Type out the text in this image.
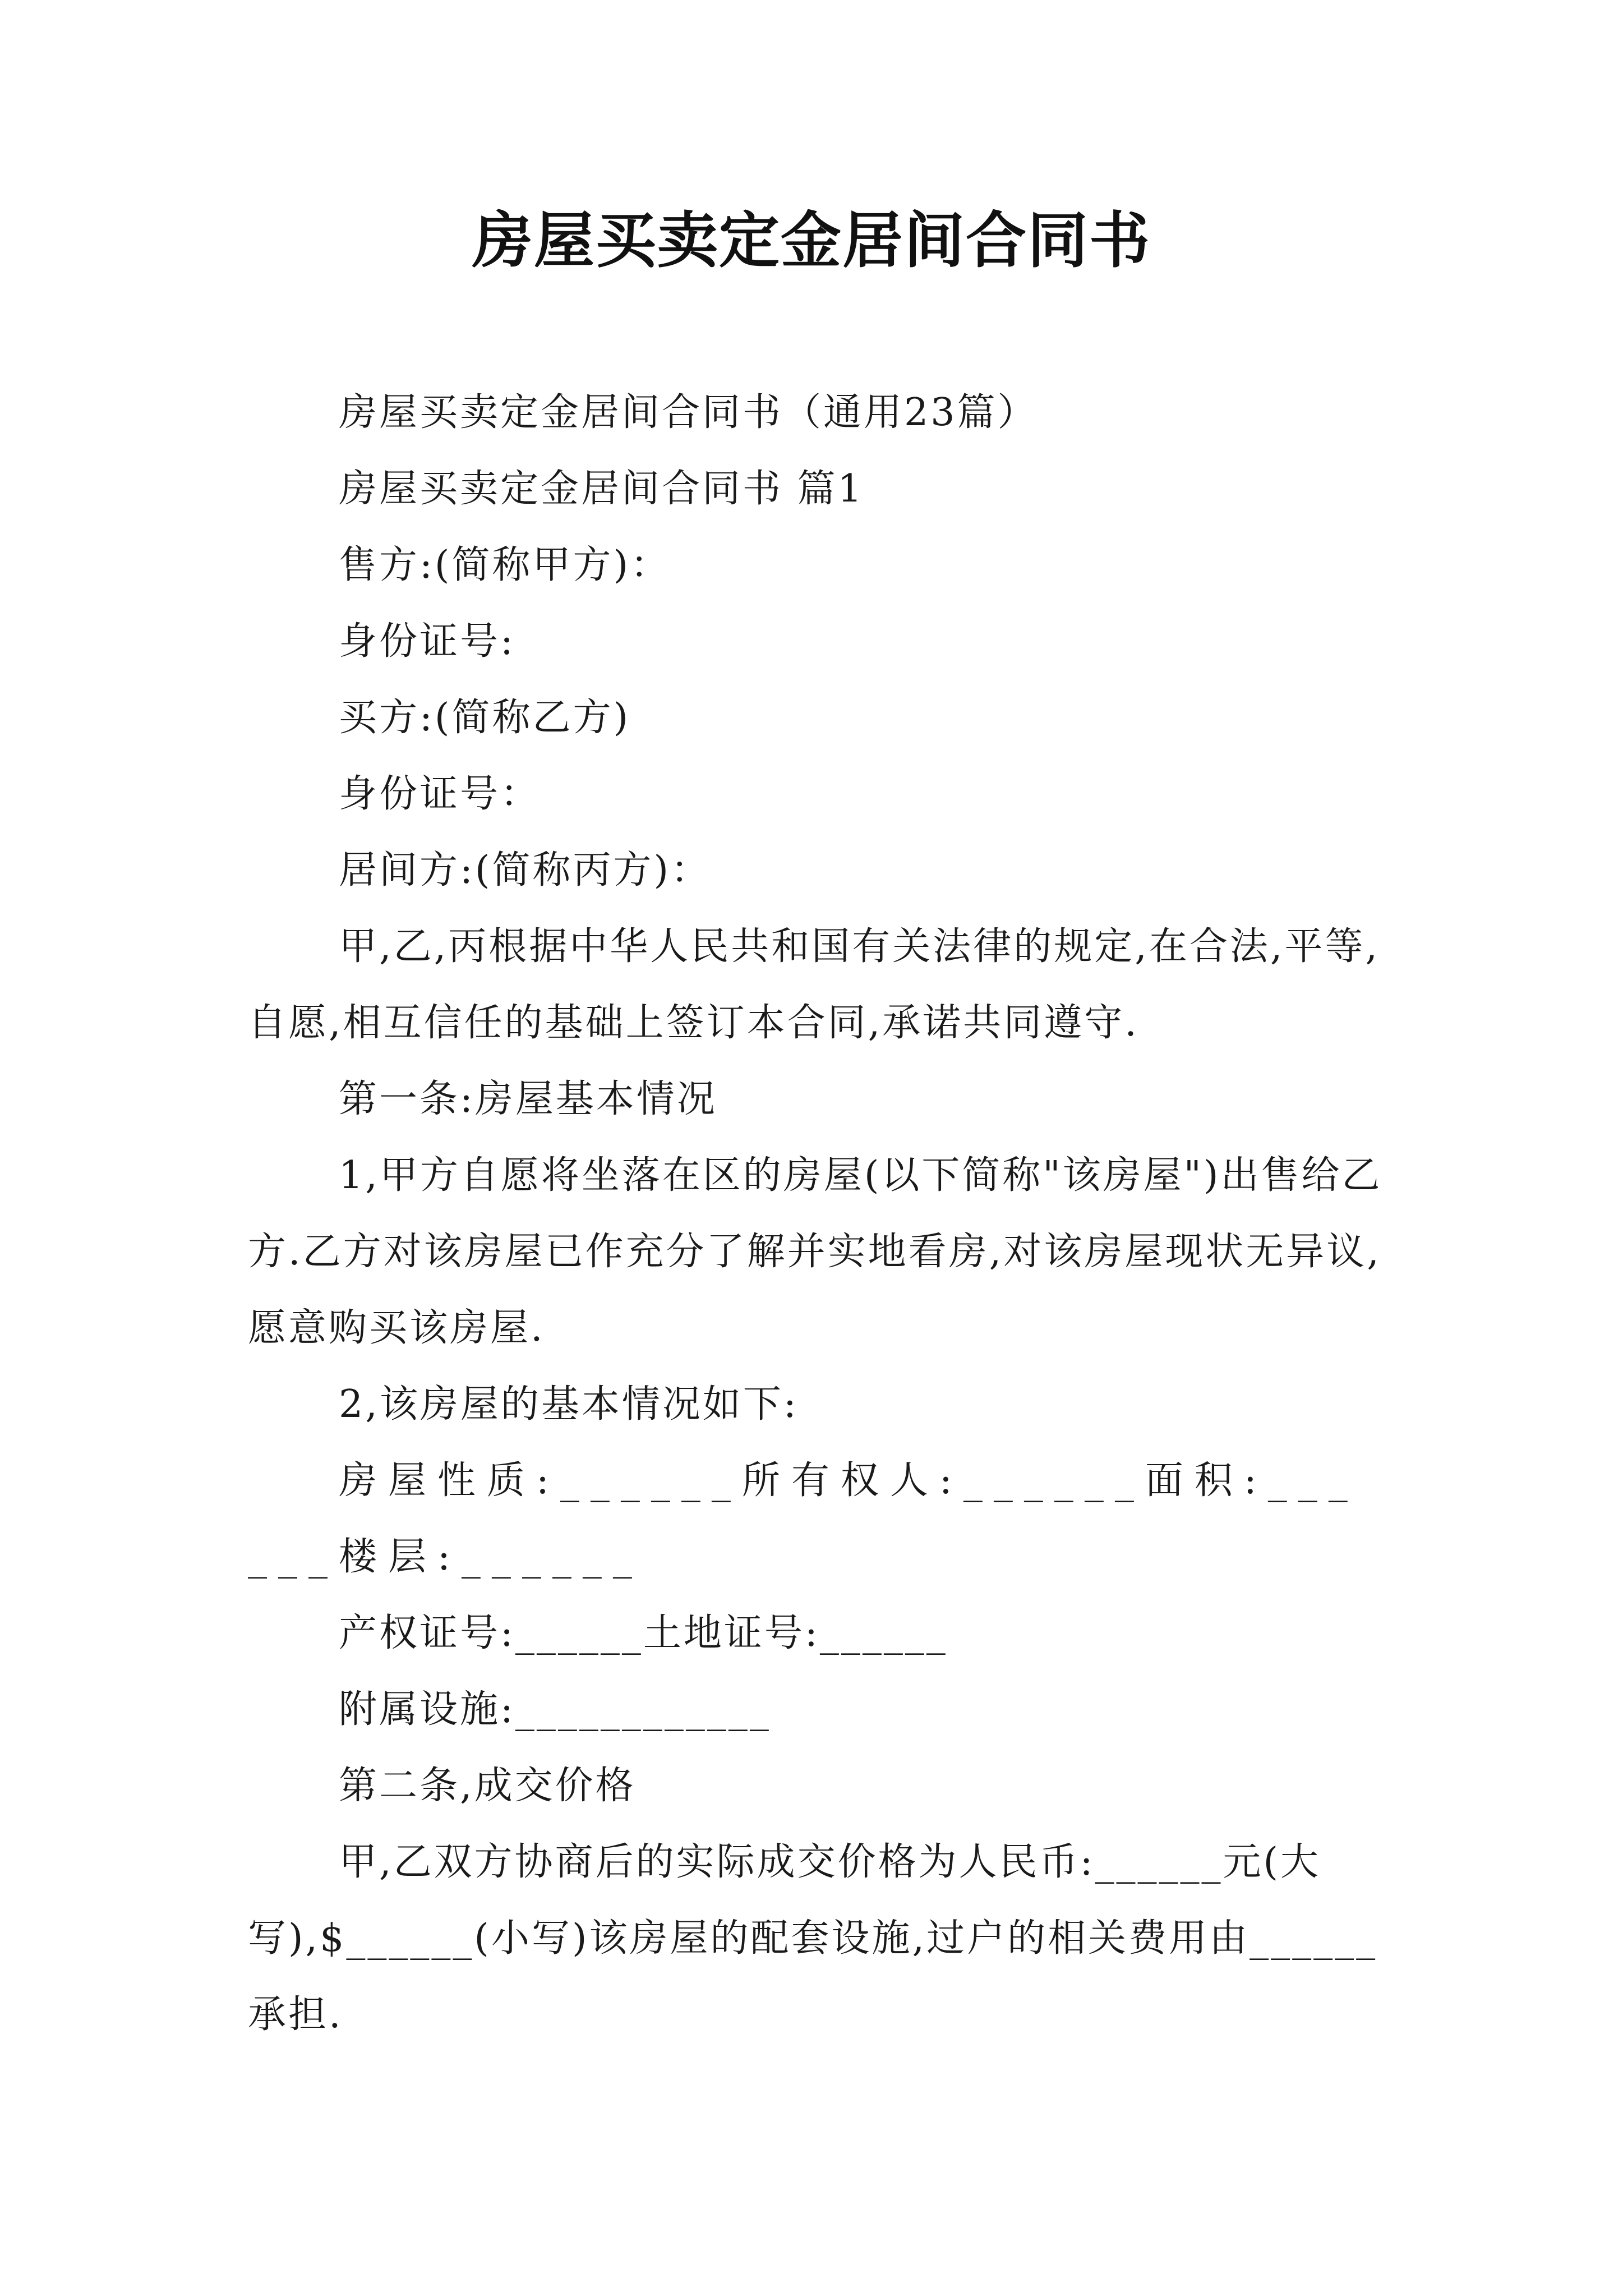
房屋买卖定金居间合同书

房屋买卖定金居间合同书（通用23篇）

房屋买卖定金居间合同书 篇1

售方:(简称甲方)：

身份证号:

买方:(简称乙方)

身份证号：

居间方:(简称丙方)：

甲,乙,丙根据中华人民共和国有关法律的规定,在合法,平等,自愿,相互信任的基础上签订本合同,承诺共同遵守.

第一条:房屋基本情况

1,甲方自愿将坐落在区的房屋(以下简称"该房屋")出售给乙方.乙方对该房屋已作充分了解并实地看房,对该房屋现状无异议,愿意购买该房屋.

2,该房屋的基本情况如下:

房屋性质:______所有权人:______面积:______楼层:______

产权证号:______土地证号:______

附属设施:____________

第二条,成交价格

甲,乙双方协商后的实际成交价格为人民币:______元(大写),$______(小写)该房屋的配套设施,过户的相关费用由______承担.
